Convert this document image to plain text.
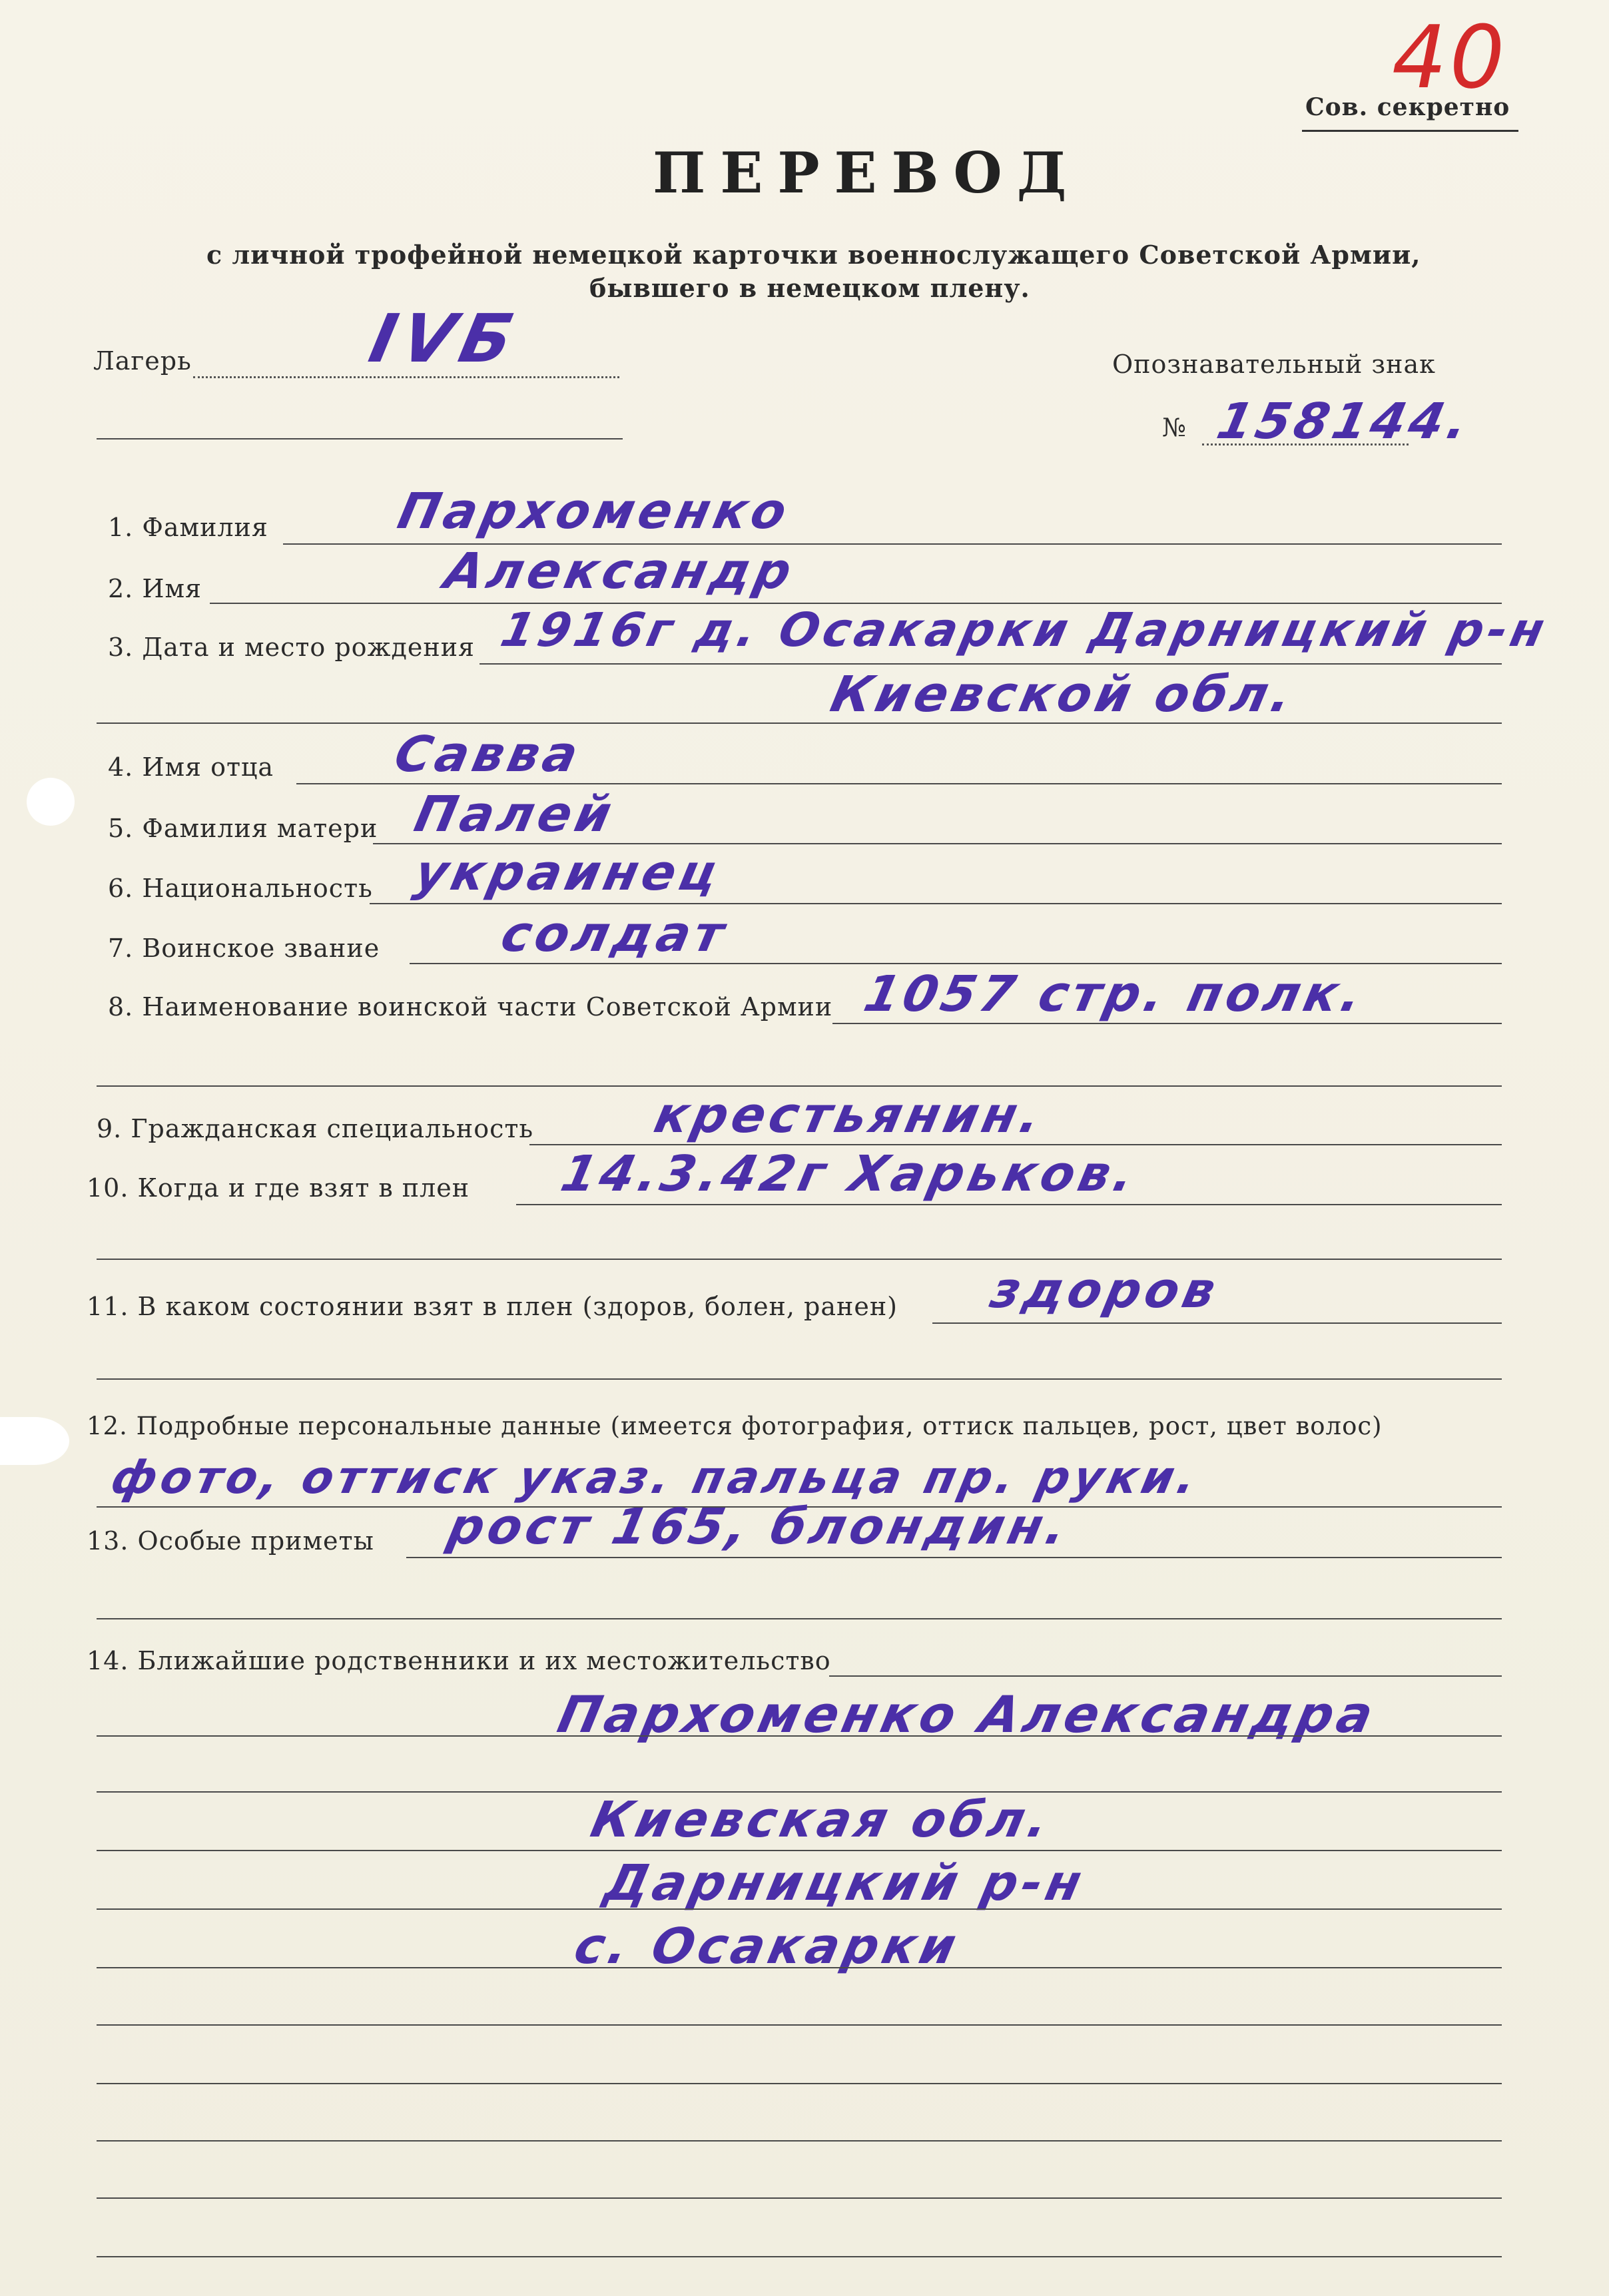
40
Сов. секретно
ПЕРЕВОД
с личной трофейной немецкой карточки военнослужащего Советской Армии,
бывшего в немецком плену.
Лагерь	IVБ	Опознавательный знак
№ 158144.
1. Фамилия	Пархоменко
2. Имя	Александр
3. Дата и место рождения 1916г д. Осакарки Дарницкий р-н
Киевской обл.
4. Имя отца Савва
5. Фамилия матери Палей
6. Национальность украинец
7. Воинское звание солдат
8. Наименование воинской части Советской Армии 1057 стр. полк.
9. Гражданская специальность крестьянин.
10. Когда и где взят в плен 14.3.42г Харьков.
11. В каком состоянии взят в плен (здоров, болен, ранен) здоров
12. Подробные персональные данные (имеется фотография, оттиск пальцев, рост, цвет волос)
фото, оттиск указ. пальца пр. руки.
13. Особые приметы рост 165, блондин.
14. Ближайшие родственники и их местожительство
Пархоменко Александра
Киевская обл.
Дарницкий р-н
с. Осакарки
